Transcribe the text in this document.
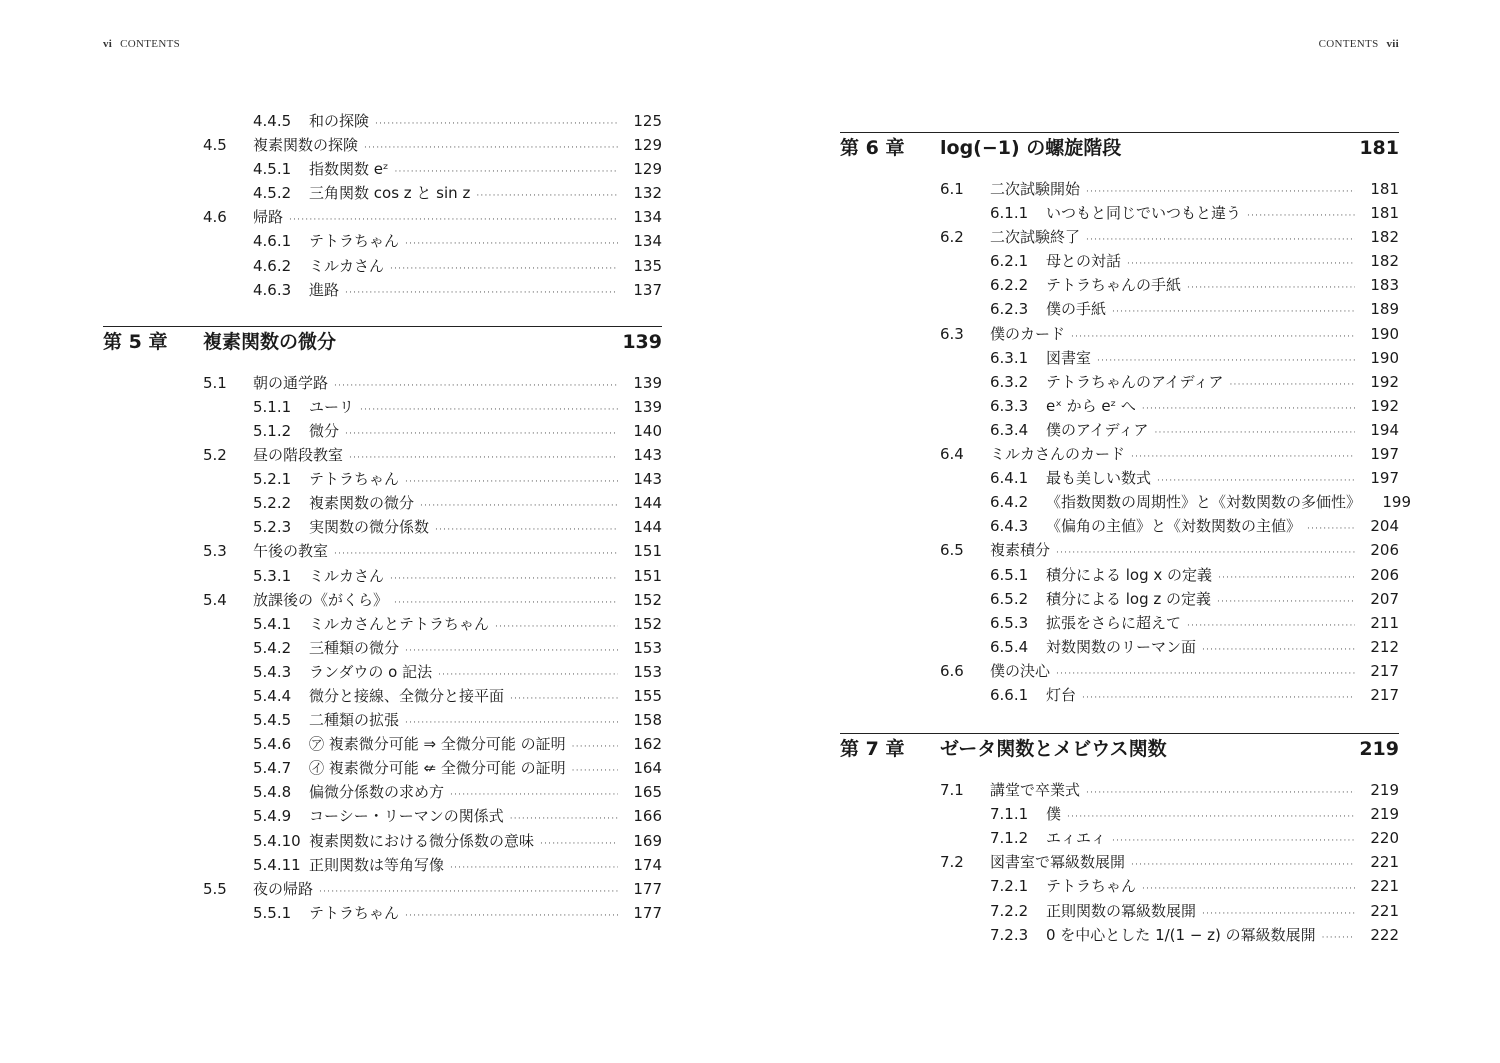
vi CONTENTS	CONTENTS vii
4.4.5 和の探険 ·····	125
4.5 複素関数の探険 ·····	129
4.5.1 指数関数 eᶻ ·····	129
4.5.2 三角関数 cos z と sin z ·····	132
4.6 帰路 ·····	134
4.6.1 テトラちゃん ·····	134
4.6.2 ミルカさん ·····	135
4.6.3 進路 ·····	137
第 5 章 複素関数の微分	139
5.1 朝の通学路 ·····	139
5.1.1 ユーリ ·····	139
5.1.2 微分 ·····	140
5.2 昼の階段教室 ·····	143
5.2.1 テトラちゃん ·····	143
5.2.2 複素関数の微分 ·····	144
5.2.3 実関数の微分係数 ·····	144
5.3 午後の教室 ·····	151
5.3.1 ミルカさん ·····	151
5.4 放課後の《がくら》 ·····	152
5.4.1 ミルカさんとテトラちゃん ·····	152
5.4.2 三種類の微分 ·····	153
5.4.3 ランダウの o 記法 ·····	153
5.4.4 微分と接線、全微分と接平面 ·····	155
5.4.5 二種類の拡張 ·····	158
5.4.6 ㋐ 複素微分可能 ⇒ 全微分可能 の証明 ·····	162
5.4.7 ㋑ 複素微分可能 ⇍ 全微分可能 の証明 ·····	164
5.4.8 偏微分係数の求め方 ·····	165
5.4.9 コーシー・リーマンの関係式 ·····	166
5.4.10 複素関数における微分係数の意味 ·····	169
5.4.11 正則関数は等角写像 ·····	174
5.5 夜の帰路 ·····	177
5.5.1 テトラちゃん ·····	177
第 6 章 log(−1) の螺旋階段	181
6.1 二次試験開始 ·····	181
6.1.1 いつもと同じでいつもと違う ·····	181
6.2 二次試験終了 ·····	182
6.2.1 母との対話 ·····	182
6.2.2 テトラちゃんの手紙 ·····	183
6.2.3 僕の手紙 ·····	189
6.3 僕のカード ·····	190
6.3.1 図書室 ·····	190
6.3.2 テトラちゃんのアイディア ·····	192
6.3.3 eˣ から eᶻ へ ·····	192
6.3.4 僕のアイディア ·····	194
6.4 ミルカさんのカード ·····	197
6.4.1 最も美しい数式 ·····	197
6.4.2 《指数関数の周期性》と《対数関数の多価性》	199
6.4.3 《偏角の主値》と《対数関数の主値》 ·····	204
6.5 複素積分 ·····	206
6.5.1 積分による log x の定義 ·····	206
6.5.2 積分による log z の定義 ·····	207
6.5.3 拡張をさらに超えて ·····	211
6.5.4 対数関数のリーマン面 ·····	212
6.6 僕の決心 ·····	217
6.6.1 灯台 ·····	217
第 7 章 ゼータ関数とメビウス関数	219
7.1 講堂で卒業式 ·····	219
7.1.1 僕 ·····	219
7.1.2 エィエィ ·····	220
7.2 図書室で冪級数展開 ·····	221
7.2.1 テトラちゃん ·····	221
7.2.2 正則関数の冪級数展開 ·····	221
7.2.3 0 を中心とした 1/(1 − z) の冪級数展開 ·····	222
